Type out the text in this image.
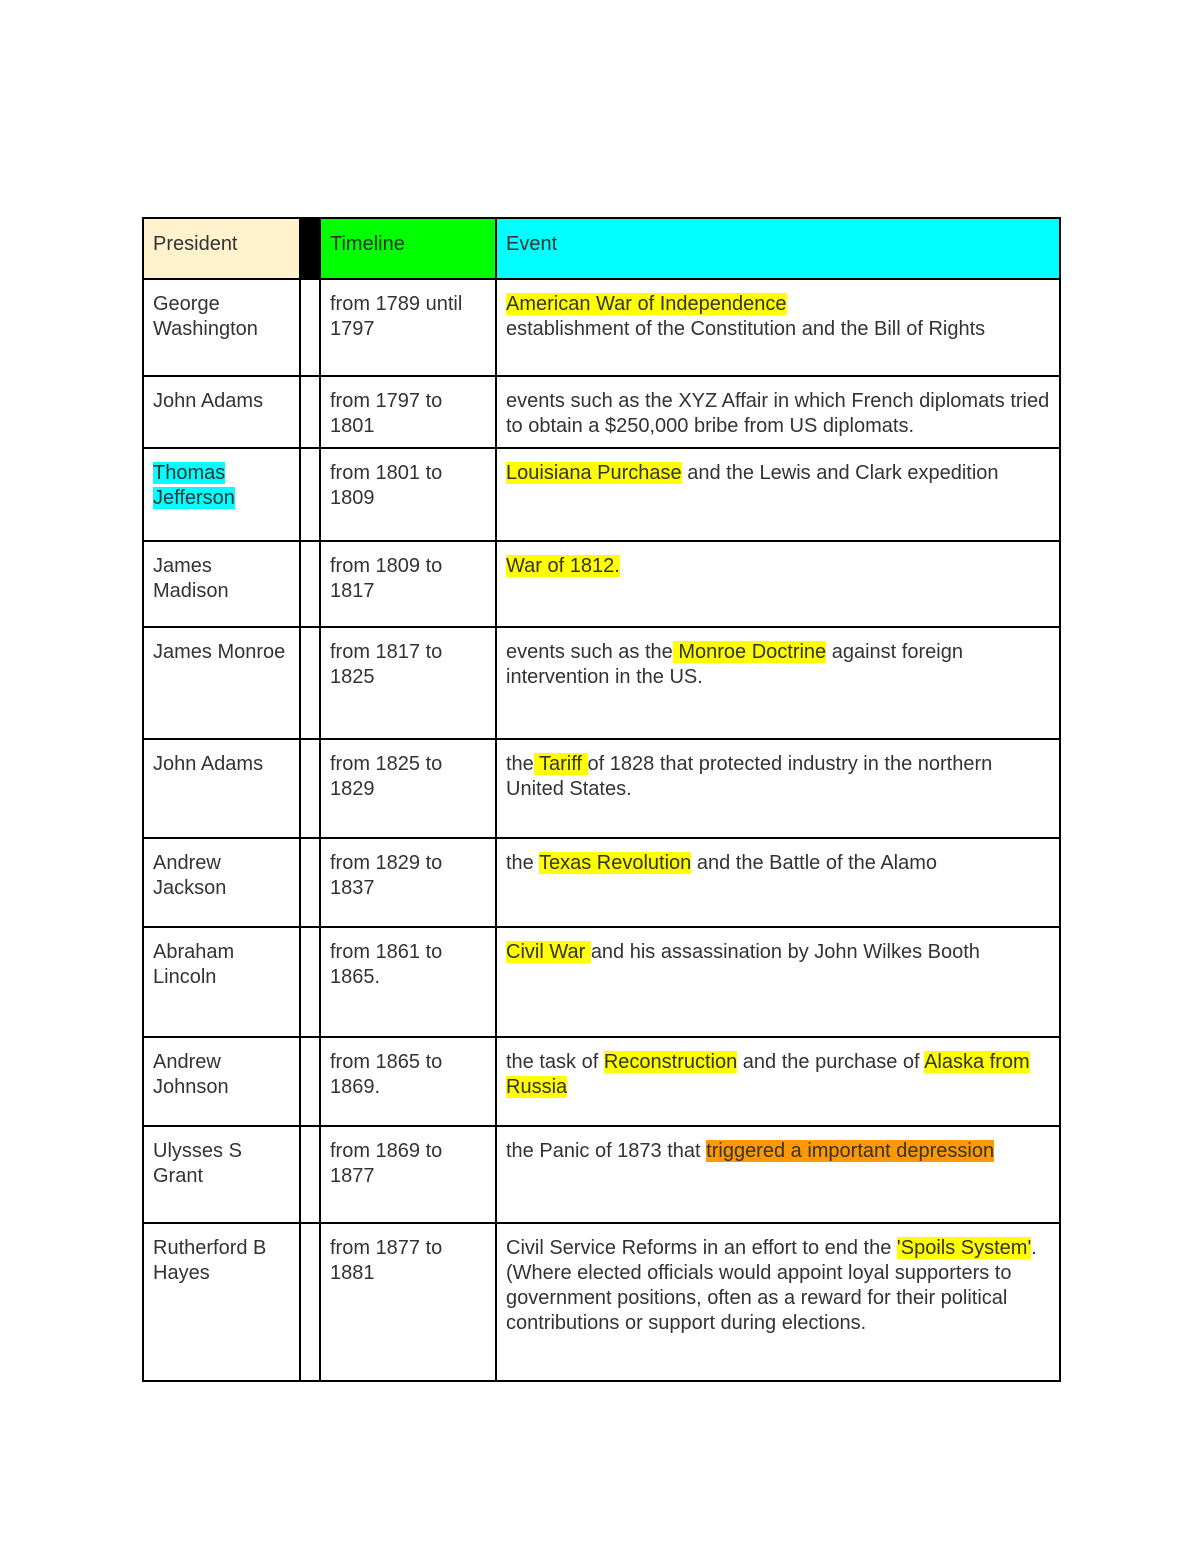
President		Timeline	Event
George Washington		from 1789 until 1797	American War of Independence
establishment of the Constitution and the Bill of Rights
John Adams		from 1797 to 1801	events such as the XYZ Affair in which French diplomats tried to obtain a $250,000 bribe from US diplomats.
Thomas Jefferson		from 1801 to 1809	Louisiana Purchase and the Lewis and Clark expedition
James Madison		from 1809 to 1817	War of 1812.
James Monroe		from 1817 to 1825	events such as the Monroe Doctrine against foreign intervention in the US.
John Adams		from 1825 to 1829	the Tariff of 1828 that protected industry in the northern United States.
Andrew Jackson		from 1829 to 1837	the Texas Revolution and the Battle of the Alamo
Abraham Lincoln		from 1861 to 1865.	Civil War and his assassination by John Wilkes Booth
Andrew Johnson		from 1865 to 1869.	the task of Reconstruction and the purchase of Alaska from Russia
Ulysses S Grant		from 1869 to 1877	the Panic of 1873 that triggered a important depression
Rutherford B Hayes		from 1877 to 1881	Civil Service Reforms in an effort to end the 'Spoils System'. (Where elected officials would appoint loyal supporters to government positions, often as a reward for their political contributions or support during elections.
